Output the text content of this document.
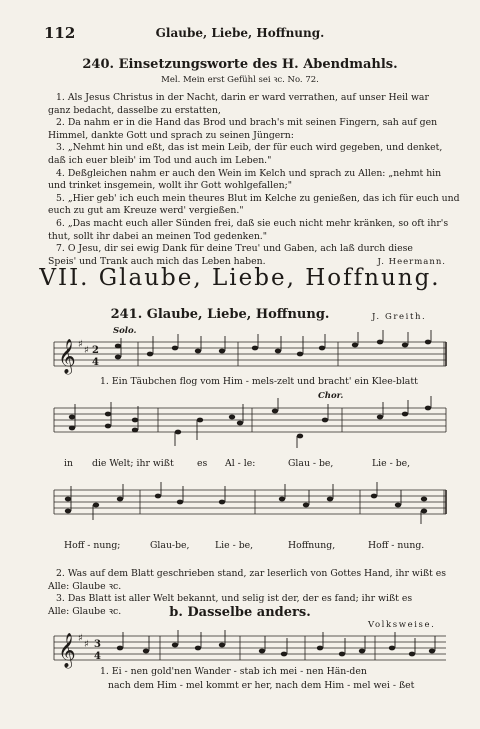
112	Glaube, Liebe, Hoffnung.
240. Einsetzungsworte des H. Abendmahls.
Mel. Mein erst Gefühl sei ꝛc. No. 72.

1. Als Jesus Christus in der Nacht, darin er ward verrathen, auf unser Heil war

ganz bedacht, dasselbe zu erstatten,

2. Da nahm er in die Hand das Brod und brach's mit seinen Fingern, sah auf gen

Himmel, dankte Gott und sprach zu seinen Jüngern:

3. „Nehmt hin und eßt, das ist mein Leib, der für euch wird gegeben, und denket,

daß ich euer bleib' im Tod und auch im Leben."

4. Deßgleichen nahm er auch den Wein im Kelch und sprach zu Allen: „nehmt hin

und trinket insgemein, wollt ihr Gott wohlgefallen;"

5. „Hier geb' ich euch mein theures Blut im Kelche zu genießen, das ich für euch und

euch zu gut am Kreuze werd' vergießen."

6. „Das macht euch aller Sünden frei, daß sie euch nicht mehr kränken, so oft ihr's

thut, sollt ihr dabei an meinen Tod gedenken."

7. O Jesu, dir sei ewig Dank für deine Treu' und Gaben, ach laß durch diese

Speis' und Trank auch mich das Leben haben.	J. Heermann.

VII. Glaube, Liebe, Hoffnung.
241. Glaube, Liebe, Hoffnung.	J. Greith.
Solo.
𝄞 ♯
♯ 2
4
𝄞 ♯
♯ 3
4
1. Ein Täubchen flog vom Him - mels-zelt und bracht' ein Klee-blatt
Chor.
in die Welt; ihr wißt	es Al - le:	Glau - be,	Lie - be,
Hoff - nung;	Glau-be,	Lie - be,	Hoffnung,	Hoff - nung.

2. Was auf dem Blatt geschrieben stand, zar leserlich von Gottes Hand, ihr wißt es

Alle: Glaube ꝛc.

3. Das Blatt ist aller Welt bekannt, und selig ist der, der es fand; ihr wißt es

Alle: Glaube ꝛc.	b. Dasselbe anders.
Volksweise.
1. Ei - nen gold'nen Wander - stab ich mei - nen Hän-den
nach dem Him - mel kommt er her, nach dem Him - mel wei - ßet
